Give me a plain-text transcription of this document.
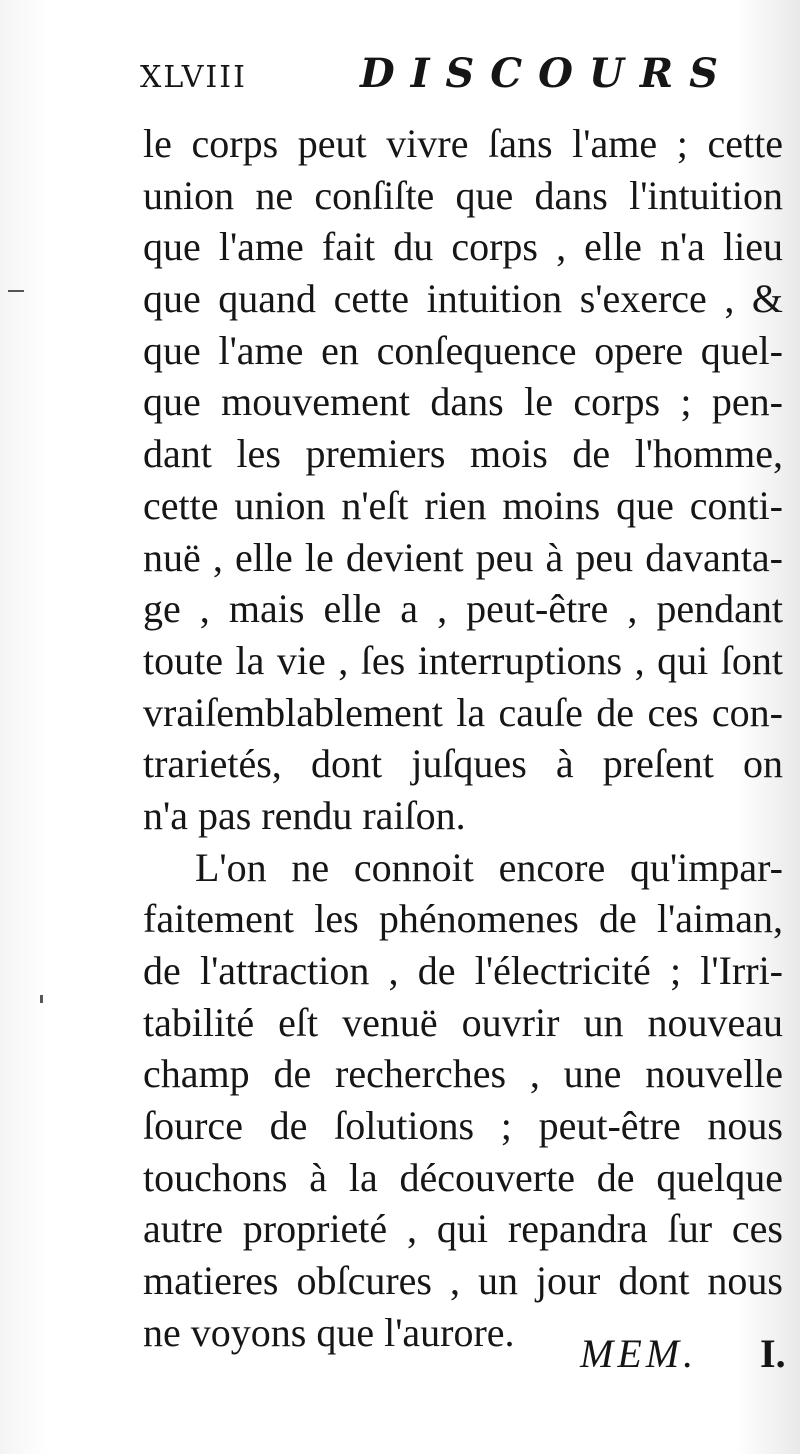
XLVIII	DISCOURS
le corps peut vivre ſans l'ame ; cette
union ne conſiſte que dans l'intuition
que l'ame fait du corps , elle n'a lieu
que quand cette intuition s'exerce , &
que l'ame en conſequence opere quel-
que mouvement dans le corps ; pen-
dant les premiers mois de l'homme,
cette union n'eſt rien moins que conti-
nuë , elle le devient peu à peu davanta-
ge , mais elle a , peut-être , pendant
toute la vie , ſes interruptions , qui ſont
vraiſemblablement la cauſe de ces con-
trarietés, dont juſques à preſent on
n'a pas rendu raiſon.
L'on ne connoit encore qu'impar-
faitement les phénomenes de l'aiman,
de l'attraction , de l'électricité ; l'Irri-
tabilité eſt venuë ouvrir un nouveau
champ de recherches , une nouvelle
ſource de ſolutions ; peut-être nous
touchons à la découverte de quelque
autre proprieté , qui repandra ſur ces
matieres obſcures , un jour dont nous
ne voyons que l'aurore.	MEM. I.
